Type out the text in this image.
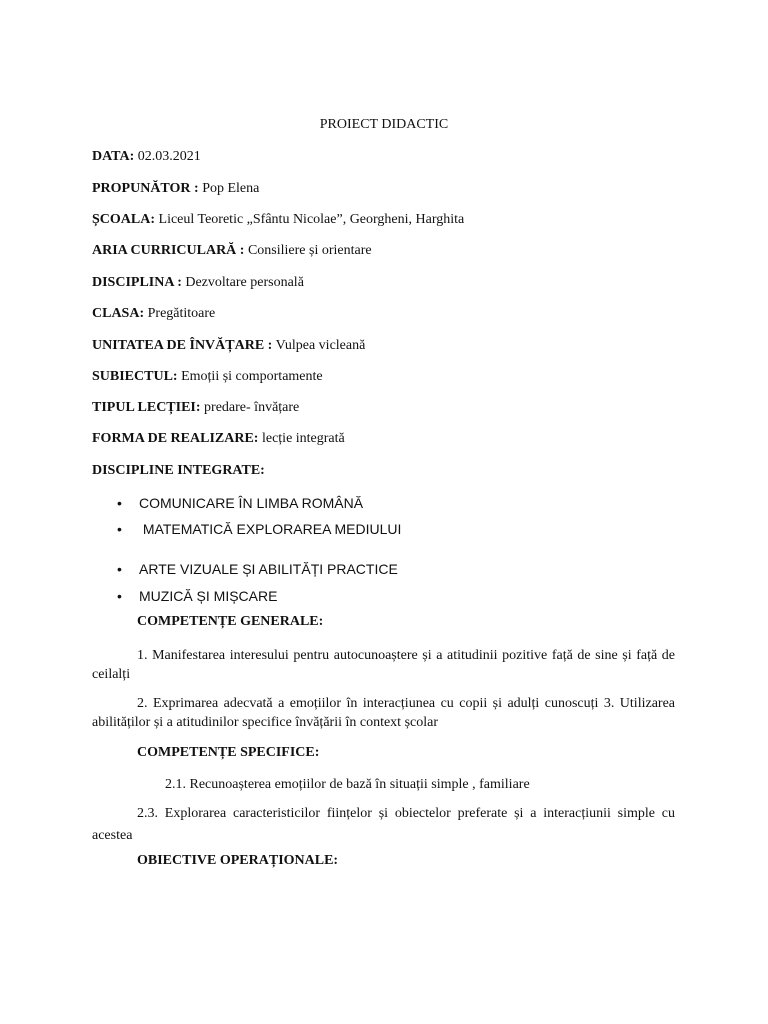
PROIECT DIDACTIC
DATA: 02.03.2021
PROPUNĂTOR : Pop Elena
ȘCOALA: Liceul Teoretic „Sfântu Nicolae”, Georgheni, Harghita
ARIA CURRICULARĂ : Consiliere și orientare
DISCIPLINA : Dezvoltare personală
CLASA: Pregătitoare
UNITATEA DE ÎNVĂȚARE : Vulpea vicleană
SUBIECTUL: Emoții și comportamente
TIPUL LECȚIEI: predare- învățare
FORMA DE REALIZARE: lecție integrată
DISCIPLINE INTEGRATE:
• COMUNICARE ÎN LIMBA ROMÂNĂ
• MATEMATICĂ EXPLORAREA MEDIULUI
• ARTE VIZUALE ȘI ABILITĂȚI PRACTICE
• MUZICĂ ȘI MIȘCARE
COMPETENȚE GENERALE:
1. Manifestarea interesului pentru autocunoaștere și a atitudinii pozitive față de sine și față de ceilalți
2. Exprimarea adecvată a emoțiilor în interacțiunea cu copii și adulți cunoscuți 3. Utilizarea abilităților și a atitudinilor specifice învățării în context școlar
COMPETENȚE SPECIFICE:
2.1. Recunoașterea emoțiilor de bază în situații simple , familiare
2.3. Explorarea caracteristicilor ființelor și obiectelor preferate și a interacțiunii simple cu acestea
OBIECTIVE OPERAȚIONALE:
